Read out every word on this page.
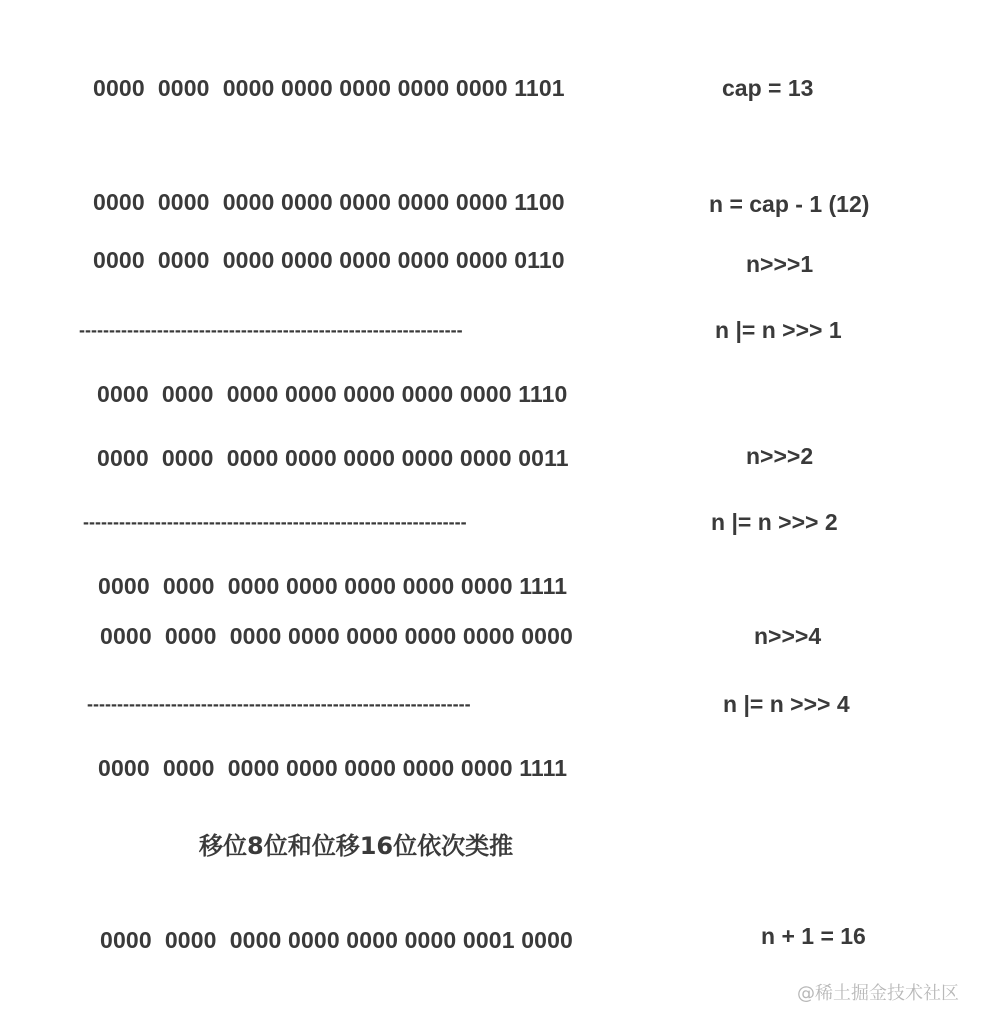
0000  0000  0000 0000 0000 0000 0000 1101	cap = 13
0000  0000  0000 0000 0000 0000 0000 1100	n = cap - 1 (12)
0000  0000  0000 0000 0000 0000 0000 0110	n>>>1
----------------------------------------------------------------	n |= n >>> 1
0000  0000  0000 0000 0000 0000 0000 1110
0000  0000  0000 0000 0000 0000 0000 0011	n>>>2
----------------------------------------------------------------	n |= n >>> 2
0000  0000  0000 0000 0000 0000 0000 1111
0000  0000  0000 0000 0000 0000 0000 0000	n>>>4
----------------------------------------------------------------	n |= n >>> 4
0000  0000  0000 0000 0000 0000 0000 1111
移位8位和位移16位依次类推
0000  0000  0000 0000 0000 0000 0001 0000	n + 1 = 16
@稀土掘金技术社区
